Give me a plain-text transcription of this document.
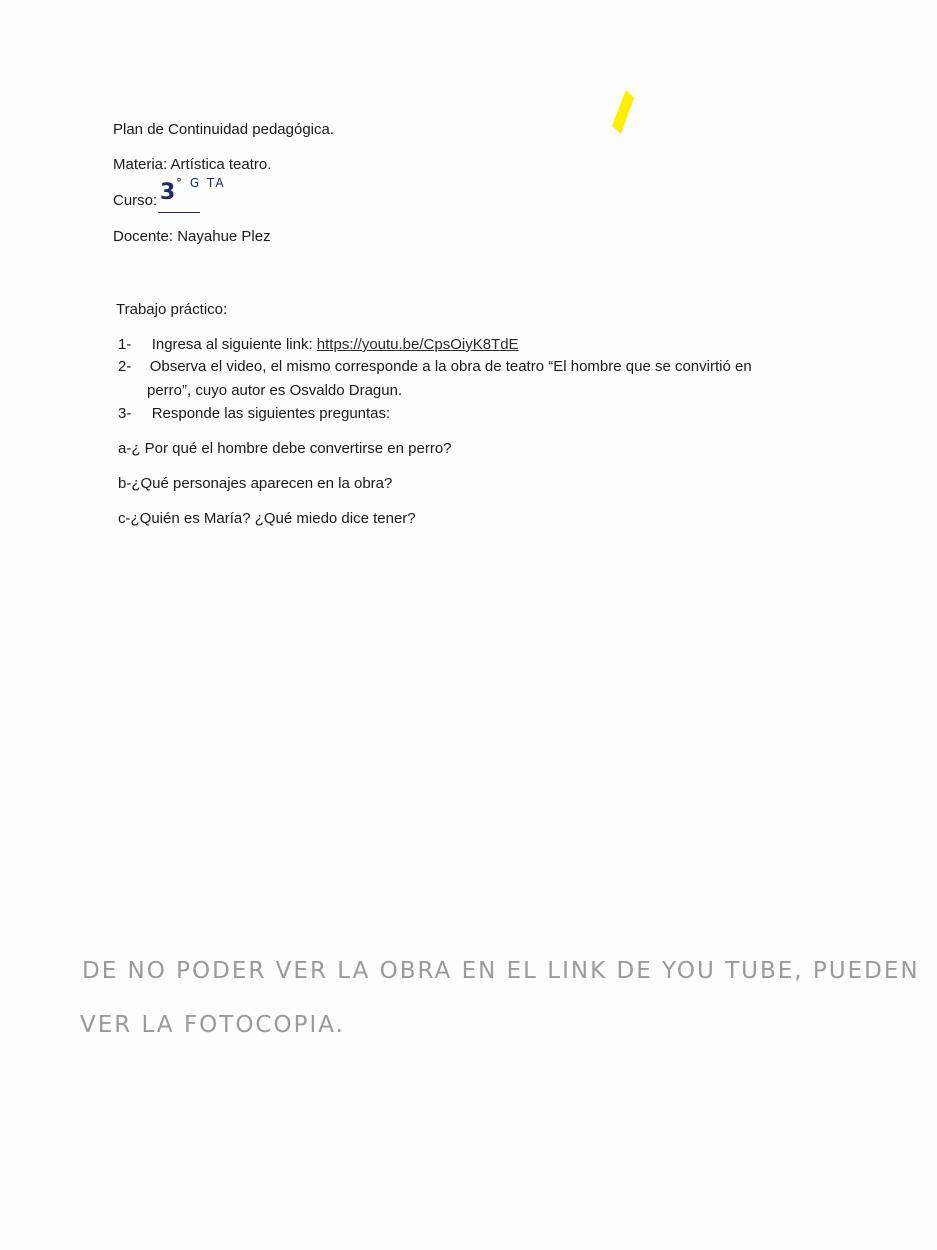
Plan de Continuidad pedagógica.
Materia: Artística teatro.
Curso: 3 ° G TA
Docente: Nayahue Plez
Trabajo práctico:
1- Ingresa al siguiente link: https://youtu.be/CpsOiyK8TdE
2- Observa el video, el mismo corresponde a la obra de teatro “El hombre que se convirtió en
perro”, cuyo autor es Osvaldo Dragun.
3- Responde las siguientes preguntas:
a-¿ Por qué el hombre debe convertirse en perro?
b-¿Qué personajes aparecen en la obra?
c-¿Quién es María? ¿Qué miedo dice tener?
DE NO PODER VER LA OBRA EN EL LINK DE YOU TUBE, PUEDEN
VER LA FOTOCOPIA.
